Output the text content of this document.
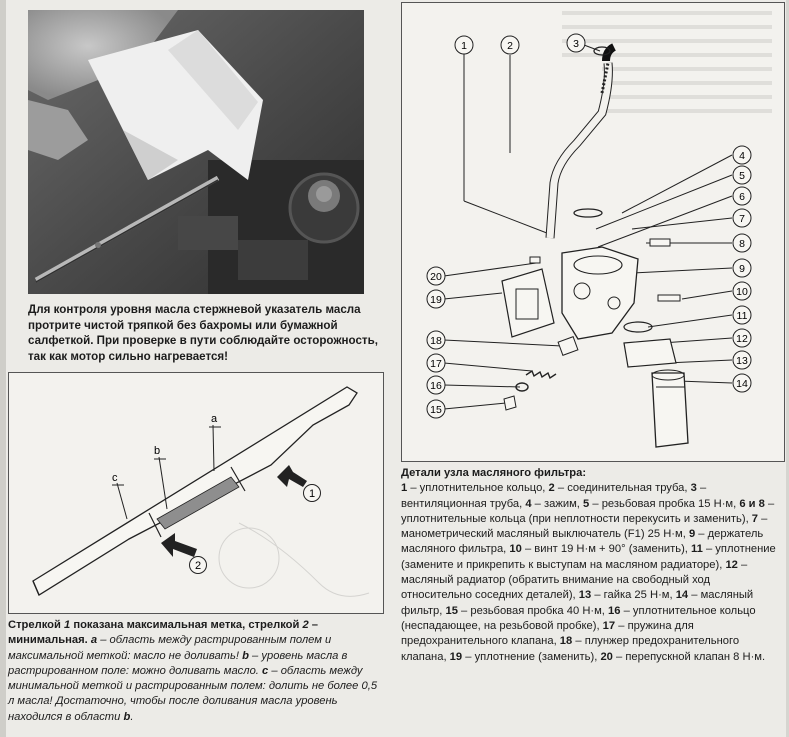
Для контроля уровня масла стержневой указатель масла протрите чистой тряпкой без бахромы или бумажной салфеткой. При проверке в пути соблюдайте осторожность, так как мотор сильно нагревается!
a
b
c
1
2
Стрелкой 1 показана максимальная метка, стрелкой 2 – минимальная. a – область между растрированным полем и максимальной меткой: масло не доливать! b – уровень масла в растрированном поле: можно доливать масло. c – область между минимальной меткой и растрированным полем: долить не более 0,5 л масла! Достаточно, чтобы после доливания масла уровень находился в области b.
1	2	3
4
5
6
7
8
9
10
11
12
13
14
15
16
17
18
19
20
Детали узла масляного фильтра:
1 – уплотнительное кольцо, 2 – соединительная труба, 3 – вентиляционная труба, 4 – зажим, 5 – резьбовая пробка 15 Н·м, 6 и 8 – уплотнительные кольца (при неплотности перекусить и заменить), 7 – манометрический масляный выключатель (F1) 25 Н·м, 9 – держатель масляного фильтра, 10 – винт 19 Н·м + 90° (заменить), 11 – уплотнение (замените и прикрепить к выступам на масляном радиаторе), 12 – масляный радиатор (обратить внимание на свободный ход относительно соседних деталей), 13 – гайка 25 Н·м, 14 – масляный фильтр, 15 – резьбовая пробка 40 Н·м, 16 – уплотнительное кольцо (неспадающее, на резьбовой пробке), 17 – пружина для предохранительного клапана, 18 – плунжер предохранительного клапана, 19 – уплотнение (заменить), 20 – перепускной клапан 8 Н·м.
